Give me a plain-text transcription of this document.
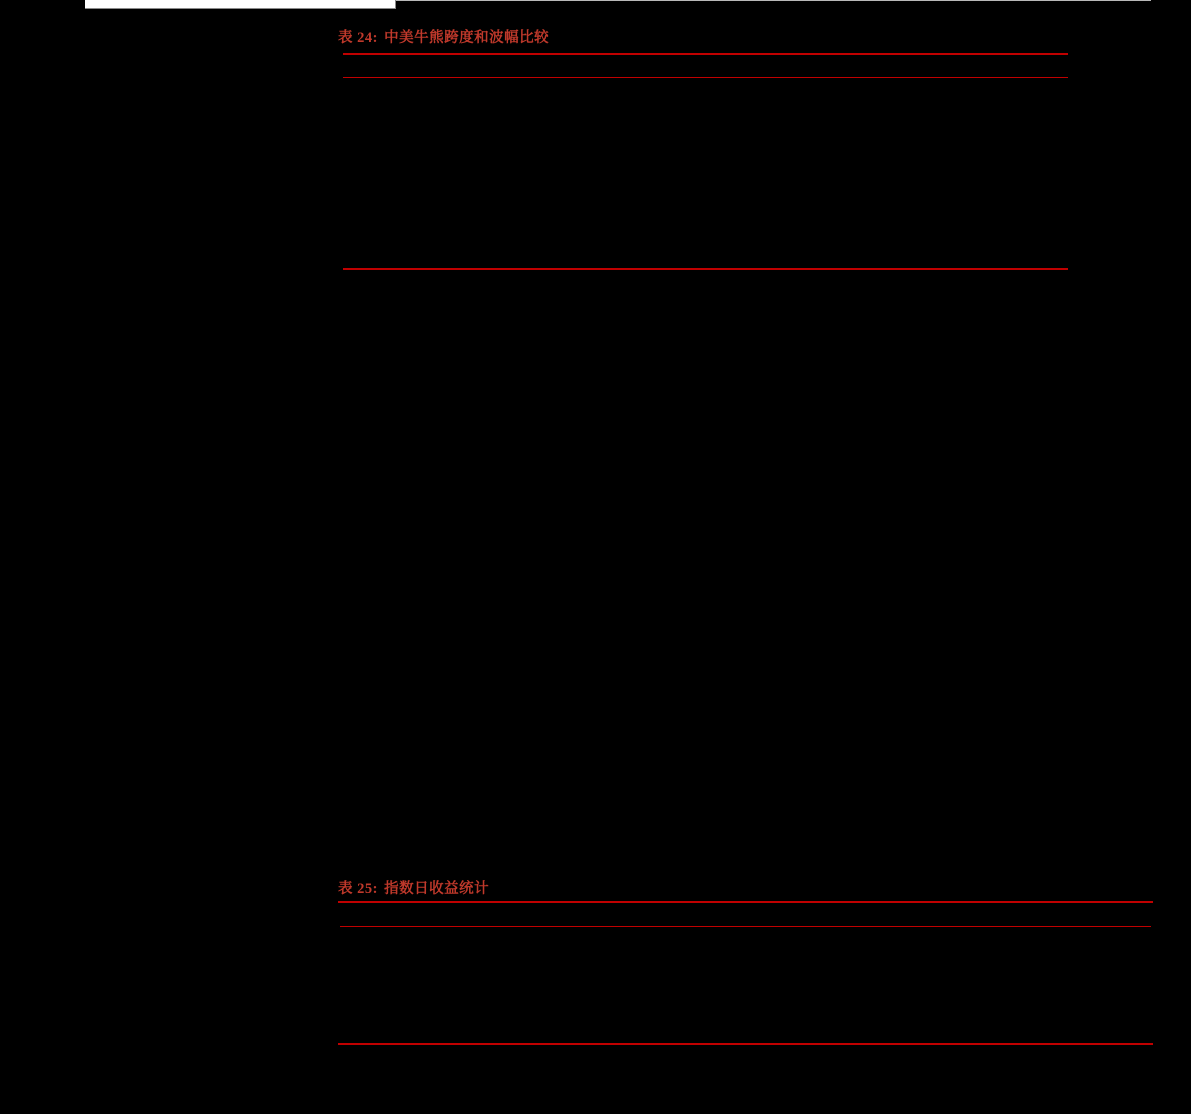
表 24: 中美牛熊跨度和波幅比较

表 25: 指数日收益统计
